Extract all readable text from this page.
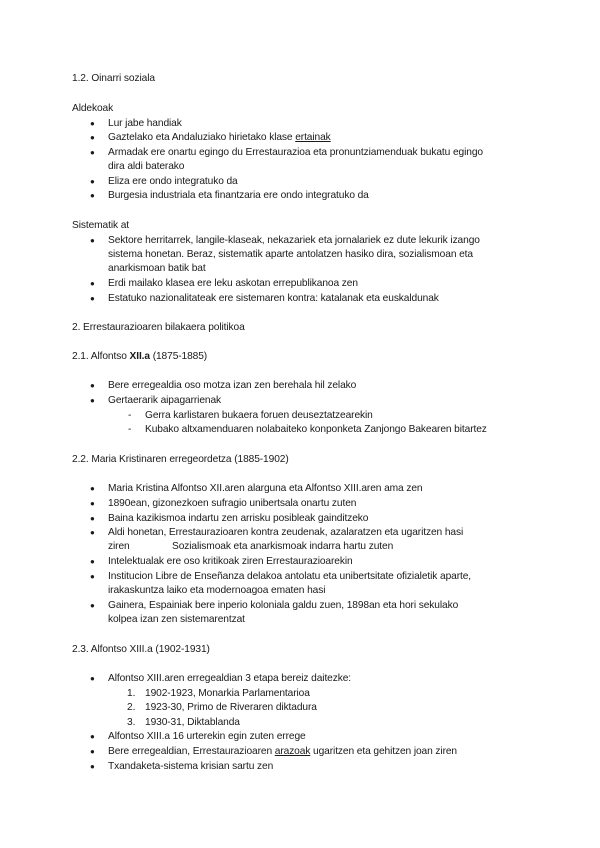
1.2. Oinarri soziala
Aldekoak
● Lur jabe handiak
● Gaztelako eta Andaluziako hirietako klase ertainak
● Armadak ere onartu egingo du Errestaurazioa eta pronuntziamenduak bukatu egingo
dira aldi baterako
● Eliza ere ondo integratuko da
● Burgesia industriala eta finantzaria ere ondo integratuko da
Sistematik at
● Sektore herritarrek, langile-klaseak, nekazariek eta jornalariek ez dute lekurik izango
sistema honetan. Beraz, sistematik aparte antolatzen hasiko dira, sozialismoan eta
anarkismoan batik bat
● Erdi mailako klasea ere leku askotan errepublikanoa zen
● Estatuko nazionalitateak ere sistemaren kontra: katalanak eta euskaldunak
2. Errestaurazioaren bilakaera politikoa
2.1. Alfontso XII.a (1875-1885)
● Bere erregealdia oso motza izan zen berehala hil zelako
● Gertaerarik aipagarrienak
- Gerra karlistaren bukaera foruen deuseztatzearekin
- Kubako altxamenduaren nolabaiteko konponketa Zanjongo Bakearen bitartez
2.2. Maria Kristinaren erregeordetza (1885-1902)
● Maria Kristina Alfontso XII.aren alarguna eta Alfontso XIII.aren ama zen
● 1890ean, gizonezkoen sufragio unibertsala onartu zuten
● Baina kazikismoa indartu zen arrisku posibleak gainditzeko
● Aldi honetan, Errestaurazioaren kontra zeudenak, azalaratzen eta ugaritzen hasi
ziren	Sozialismoak eta anarkismoak indarra hartu zuten
● Intelektualak ere oso kritikoak ziren Errestaurazioarekin
● Institucion Libre de Enseñanza delakoa antolatu eta unibertsitate ofizialetik aparte,
irakaskuntza laiko eta modernoagoa ematen hasi
● Gainera, Espainiak bere inperio koloniala galdu zuen, 1898an eta hori sekulako
kolpea izan zen sistemarentzat
2.3. Alfontso XIII.a (1902-1931)
● Alfontso XIII.aren erregealdian 3 etapa bereiz daitezke:
1. 1902-1923, Monarkia Parlamentarioa
2. 1923-30, Primo de Riveraren diktadura
3. 1930-31, Diktablanda
● Alfontso XIII.a 16 urterekin egin zuten errege
● Bere erregealdian, Errestaurazioaren arazoak ugaritzen eta gehitzen joan ziren
● Txandaketa-sistema krisian sartu zen
